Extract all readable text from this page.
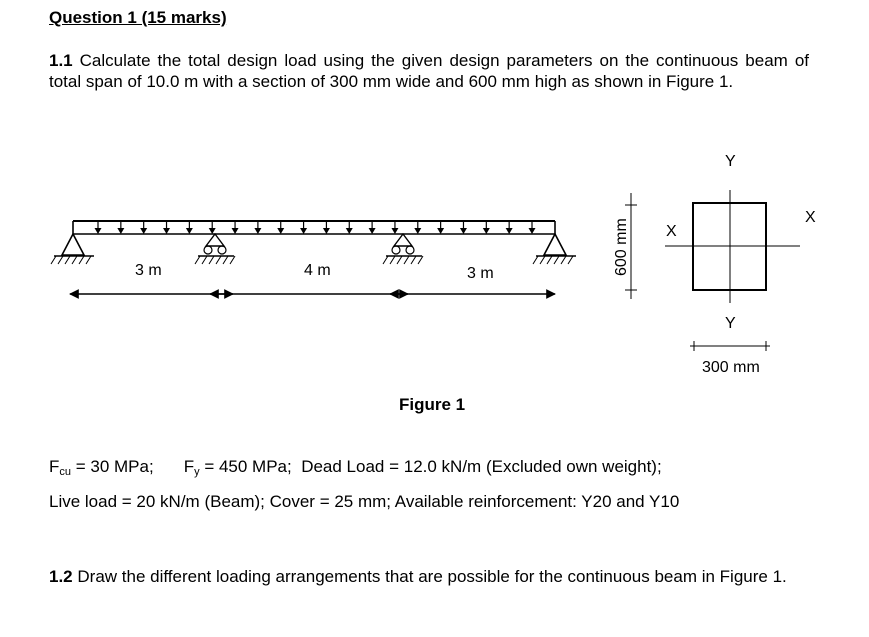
Question 1 (15 marks)
1.1 Calculate the total design load using the given design parameters on the continuous beam of total span of 10.0 m with a section of 300 mm wide and 600 mm high as shown in Figure 1.
3 m	4 m	3 m	600 mm
300 mm
Y
Y
X
X
Figure 1
Fcu = 30 MPa; Fy = 450 MPa; Dead Load = 12.0 kN/m (Excluded own weight);
Live load = 20 kN/m (Beam); Cover = 25 mm; Available reinforcement: Y20 and Y10
1.2 Draw the different loading arrangements that are possible for the continuous beam in Figure 1.
